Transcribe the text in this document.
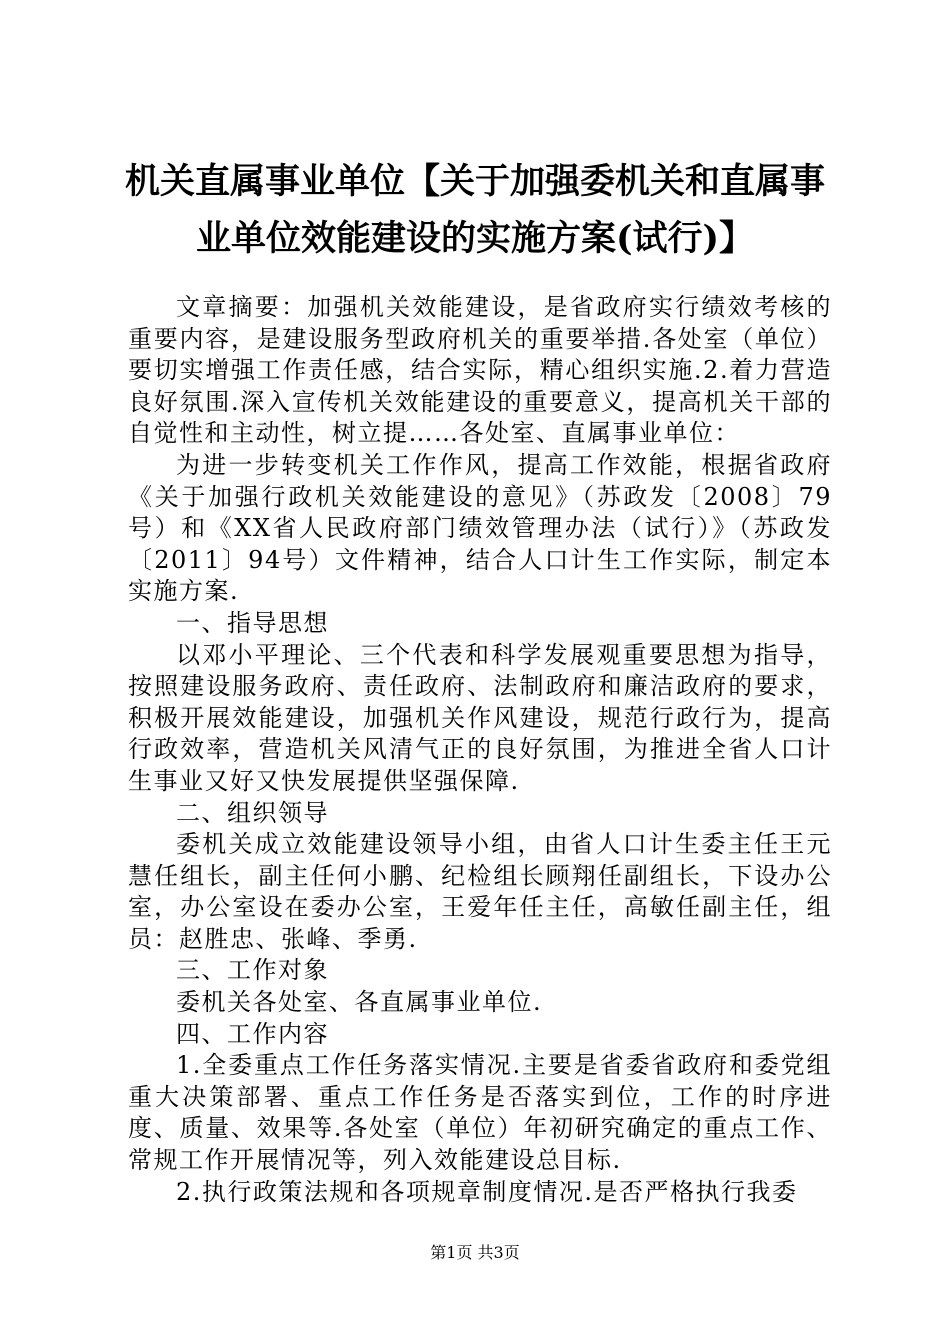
机关直属事业单位【关于加强委机关和直属事
业单位效能建设的实施方案(试行)】

文章摘要：加强机关效能建设，是省政府实行绩效考核的重要内容，是建设服务型政府机关的重要举措.各处室（单位）要切实增强工作责任感，结合实际，精心组织实施.2.着力营造良好氛围.深入宣传机关效能建设的重要意义，提高机关干部的自觉性和主动性，树立提……各处室、直属事业单位：

为进一步转变机关工作作风，提高工作效能，根据省政府《关于加强行政机关效能建设的意见》（苏政发〔2008〕79号）和《XX省人民政府部门绩效管理办法（试行）》（苏政发〔2011〕94号）文件精神，结合人口计生工作实际，制定本实施方案.

一、指导思想

以邓小平理论、三个代表和科学发展观重要思想为指导，按照建设服务政府、责任政府、法制政府和廉洁政府的要求，积极开展效能建设，加强机关作风建设，规范行政行为，提高行政效率，营造机关风清气正的良好氛围，为推进全省人口计生事业又好又快发展提供坚强保障.

二、组织领导

委机关成立效能建设领导小组，由省人口计生委主任王元慧任组长，副主任何小鹏、纪检组长顾翔任副组长，下设办公室，办公室设在委办公室，王爱年任主任，高敏任副主任，组员：赵胜忠、张峰、季勇.

三、工作对象

委机关各处室、各直属事业单位.

四、工作内容

1.全委重点工作任务落实情况.主要是省委省政府和委党组重大决策部署、重点工作任务是否落实到位，工作的时序进度、质量、效果等.各处室（单位）年初研究确定的重点工作、常规工作开展情况等，列入效能建设总目标.

2.执行政策法规和各项规章制度情况.是否严格执行我委

第1页 共3页
